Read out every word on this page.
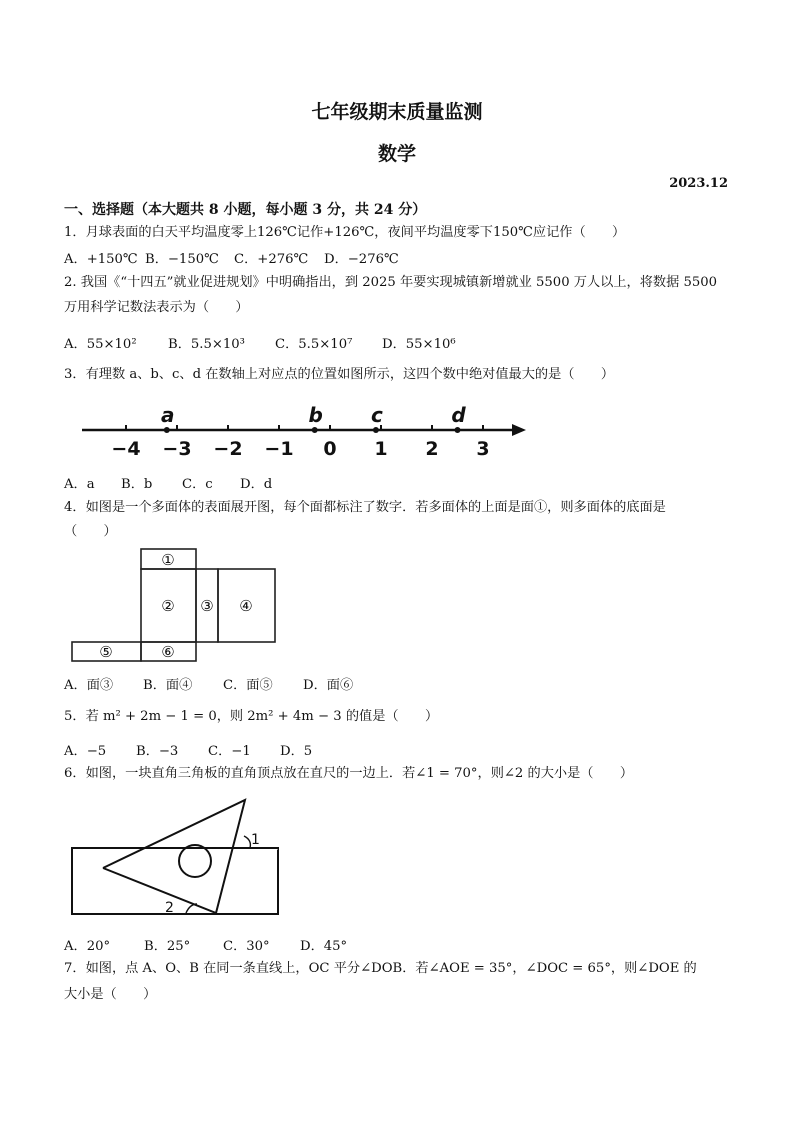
七年级期末质量监测
数学
2023.12
一、选择题（本大题共 8 小题，每小题 3 分，共 24 分）
1．月球表面的白天平均温度零上126℃记作+126℃，夜间平均温度零下150℃应记作（　　）
A．+150℃ B．−150℃ C．+276℃ D．−276℃
2. 我国《“十四五”就业促进规划》中明确指出，到 2025 年要实现城镇新增就业 5500 万人以上，将数据 5500
万用科学记数法表示为（　　）
A．55×10² B．5.5×10³ C．5.5×10⁷ D．55×10⁶
3．有理数 a、b、c、d 在数轴上对应点的位置如图所示，这四个数中绝对值最大的是（　　）
−4 −3 −2 −1 0 1 2 3
a	b c	d
A．a B．b C．c D．d
4．如图是一个多面体的表面展开图，每个面都标注了数字．若多面体的上面是面①，则多面体的底面是
（　　）
①
② ③ ④
⑤	⑥
A．面③ B．面④ C．面⑤ D．面⑥
5．若 m² + 2m − 1 = 0，则 2m² + 4m − 3 的值是（　　）
A．−5 B．−3 C．−1 D．5
6．如图，一块直角三角板的直角顶点放在直尺的一边上．若∠1 = 70°，则∠2 的大小是（　　）
1
2
A．20°	B．25° C．30° D．45°
7．如图，点 A、O、B 在同一条直线上，OC 平分∠DOB．若∠AOE = 35°，∠DOC = 65°，则∠DOE 的
大小是（　　）
